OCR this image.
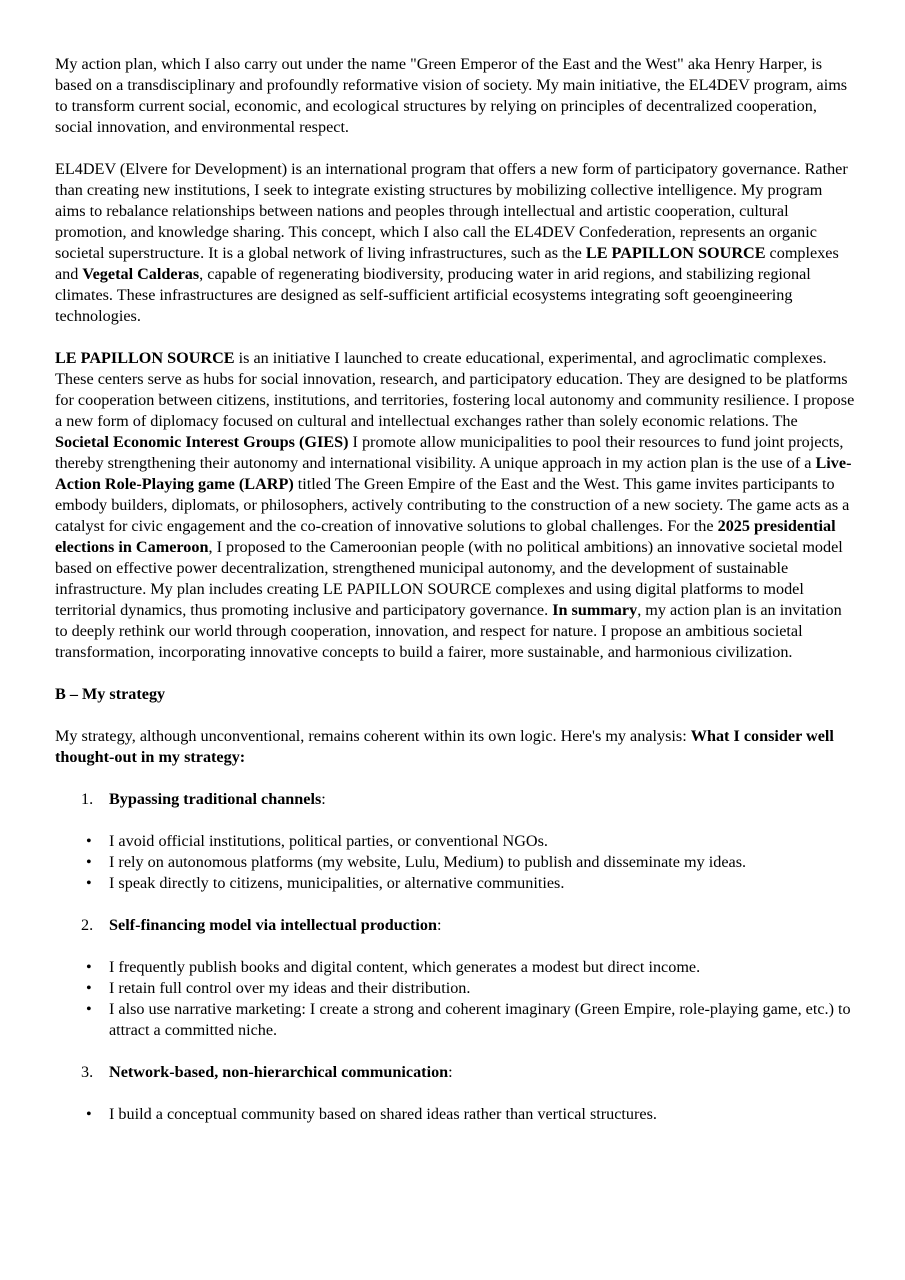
My action plan, which I also carry out under the name "Green Emperor of the East and the West" aka Henry Harper, is based on a transdisciplinary and profoundly reformative vision of society. My main initiative, the EL4DEV program, aims to transform current social, economic, and ecological structures by relying on principles of decentralized cooperation, social innovation, and environmental respect.

EL4DEV (Elvere for Development) is an international program that offers a new form of participatory governance. Rather than creating new institutions, I seek to integrate existing structures by mobilizing collective intelligence. My program aims to rebalance relationships between nations and peoples through intellectual and artistic cooperation, cultural promotion, and knowledge sharing. This concept, which I also call the EL4DEV Confederation, represents an organic societal superstructure. It is a global network of living infrastructures, such as the LE PAPILLON SOURCE complexes and Vegetal Calderas, capable of regenerating biodiversity, producing water in arid regions, and stabilizing regional climates. These infrastructures are designed as self-sufficient artificial ecosystems integrating soft geoengineering technologies.

LE PAPILLON SOURCE is an initiative I launched to create educational, experimental, and agroclimatic complexes. These centers serve as hubs for social innovation, research, and participatory education. They are designed to be platforms for cooperation between citizens, institutions, and territories, fostering local autonomy and community resilience. I propose a new form of diplomacy focused on cultural and intellectual exchanges rather than solely economic relations. The Societal Economic Interest Groups (GIES) I promote allow municipalities to pool their resources to fund joint projects, thereby strengthening their autonomy and international visibility. A unique approach in my action plan is the use of a Live-Action Role-Playing game (LARP) titled The Green Empire of the East and the West. This game invites participants to embody builders, diplomats, or philosophers, actively contributing to the construction of a new society. The game acts as a catalyst for civic engagement and the co-creation of innovative solutions to global challenges. For the 2025 presidential elections in Cameroon, I proposed to the Cameroonian people (with no political ambitions) an innovative societal model based on effective power decentralization, strengthened municipal autonomy, and the development of sustainable infrastructure. My plan includes creating LE PAPILLON SOURCE complexes and using digital platforms to model territorial dynamics, thus promoting inclusive and participatory governance. In summary, my action plan is an invitation to deeply rethink our world through cooperation, innovation, and respect for nature. I propose an ambitious societal transformation, incorporating innovative concepts to build a fairer, more sustainable, and harmonious civilization.

B – My strategy

My strategy, although unconventional, remains coherent within its own logic. Here's my analysis: What I consider well thought-out in my strategy:

1. Bypassing traditional channels:
• I avoid official institutions, political parties, or conventional NGOs.
• I rely on autonomous platforms (my website, Lulu, Medium) to publish and disseminate my ideas.
• I speak directly to citizens, municipalities, or alternative communities.
2. Self-financing model via intellectual production:
• I frequently publish books and digital content, which generates a modest but direct income.
• I retain full control over my ideas and their distribution.
• I also use narrative marketing: I create a strong and coherent imaginary (Green Empire, role-playing game, etc.) to attract a committed niche.
3. Network-based, non-hierarchical communication:
• I build a conceptual community based on shared ideas rather than vertical structures.
